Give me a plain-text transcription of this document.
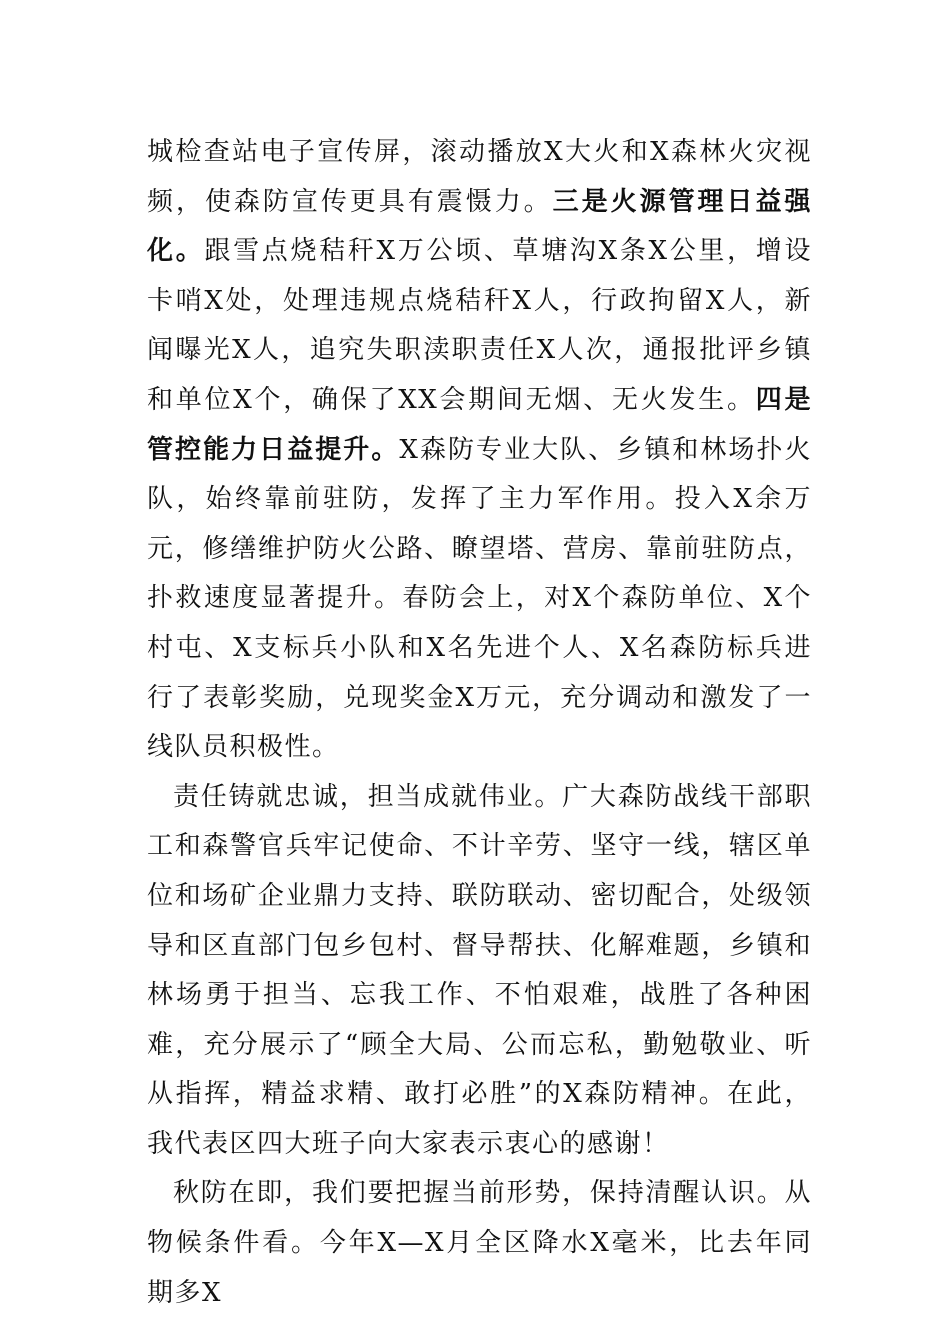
城检查站电子宣传屏，滚动播放X大火和X森林火灾视频，使森防宣传更具有震慑力。三是火源管理日益强化。跟雪点烧秸秆X万公顷、草塘沟X条X公里，增设卡哨X处，处理违规点烧秸秆X人，行政拘留X人，新闻曝光X人，追究失职渎职责任X人次，通报批评乡镇和单位X个，确保了XX会期间无烟、无火发生。四是管控能力日益提升。X森防专业大队、乡镇和林场扑火队，始终靠前驻防，发挥了主力军作用。投入X余万元，修缮维护防火公路、瞭望塔、营房、靠前驻防点，扑救速度显著提升。春防会上，对X个森防单位、X个村屯、X支标兵小队和X名先进个人、X名森防标兵进行了表彰奖励，兑现奖金X万元，充分调动和激发了一线队员积极性。

责任铸就忠诚，担当成就伟业。广大森防战线干部职工和森警官兵牢记使命、不计辛劳、坚守一线，辖区单位和场矿企业鼎力支持、联防联动、密切配合，处级领导和区直部门包乡包村、督导帮扶、化解难题，乡镇和林场勇于担当、忘我工作、不怕艰难，战胜了各种困难，充分展示了“顾全大局、公而忘私，勤勉敬业、听从指挥，精益求精、敢打必胜”的X森防精神。在此，我代表区四大班子向大家表示衷心的感谢！

秋防在即，我们要把握当前形势，保持清醒认识。从物候条件看。今年X—X月全区降水X毫米，比去年同期多X
